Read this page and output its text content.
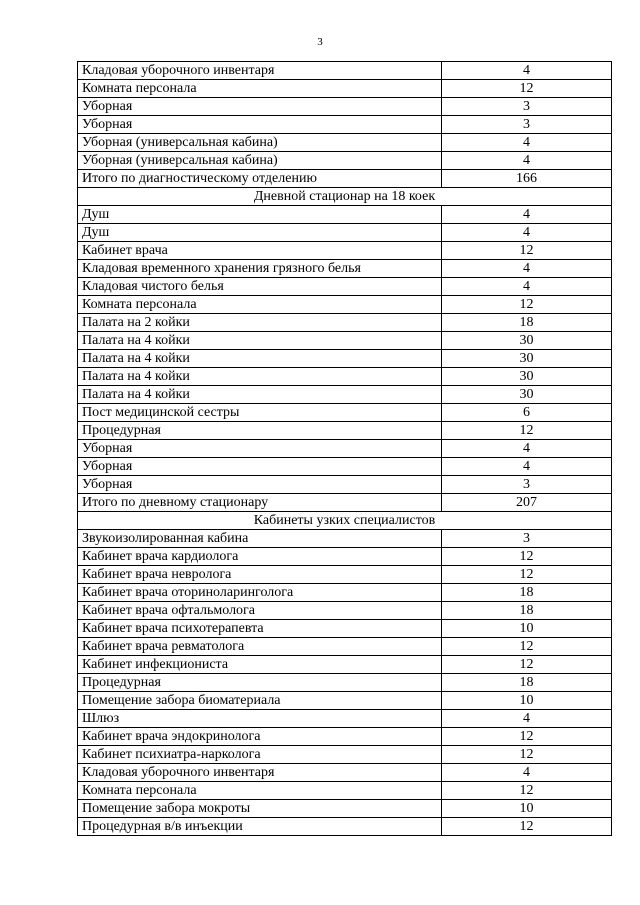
3
Кладовая уборочного инвентаря	4
Комната персонала	12
Уборная	3
Уборная	3
Уборная (универсальная кабина)	4
Уборная (универсальная кабина)	4
Итого по диагностическому отделению	166
Дневной стационар на 18 коек	
Душ	4
Душ	4
Кабинет врача	12
Кладовая временного хранения грязного белья	4
Кладовая чистого белья	4
Комната персонала	12
Палата на 2 койки	18
Палата на 4 койки	30
Палата на 4 койки	30
Палата на 4 койки	30
Палата на 4 койки	30
Пост медицинской сестры	6
Процедурная	12
Уборная	4
Уборная	4
Уборная	3
Итого по дневному стационару	207
Кабинеты узких специалистов	
Звукоизолированная кабина	3
Кабинет врача кардиолога	12
Кабинет врача невролога	12
Кабинет врача оториноларинголога	18
Кабинет врача офтальмолога	18
Кабинет врача психотерапевта	10
Кабинет врача ревматолога	12
Кабинет инфекциониста	12
Процедурная	18
Помещение забора биоматериала	10
Шлюз	4
Кабинет врача эндокринолога	12
Кабинет психиатра-нарколога	12
Кладовая уборочного инвентаря	4
Комната персонала	12
Помещение забора мокроты	10
Процедурная в/в инъекции	12
